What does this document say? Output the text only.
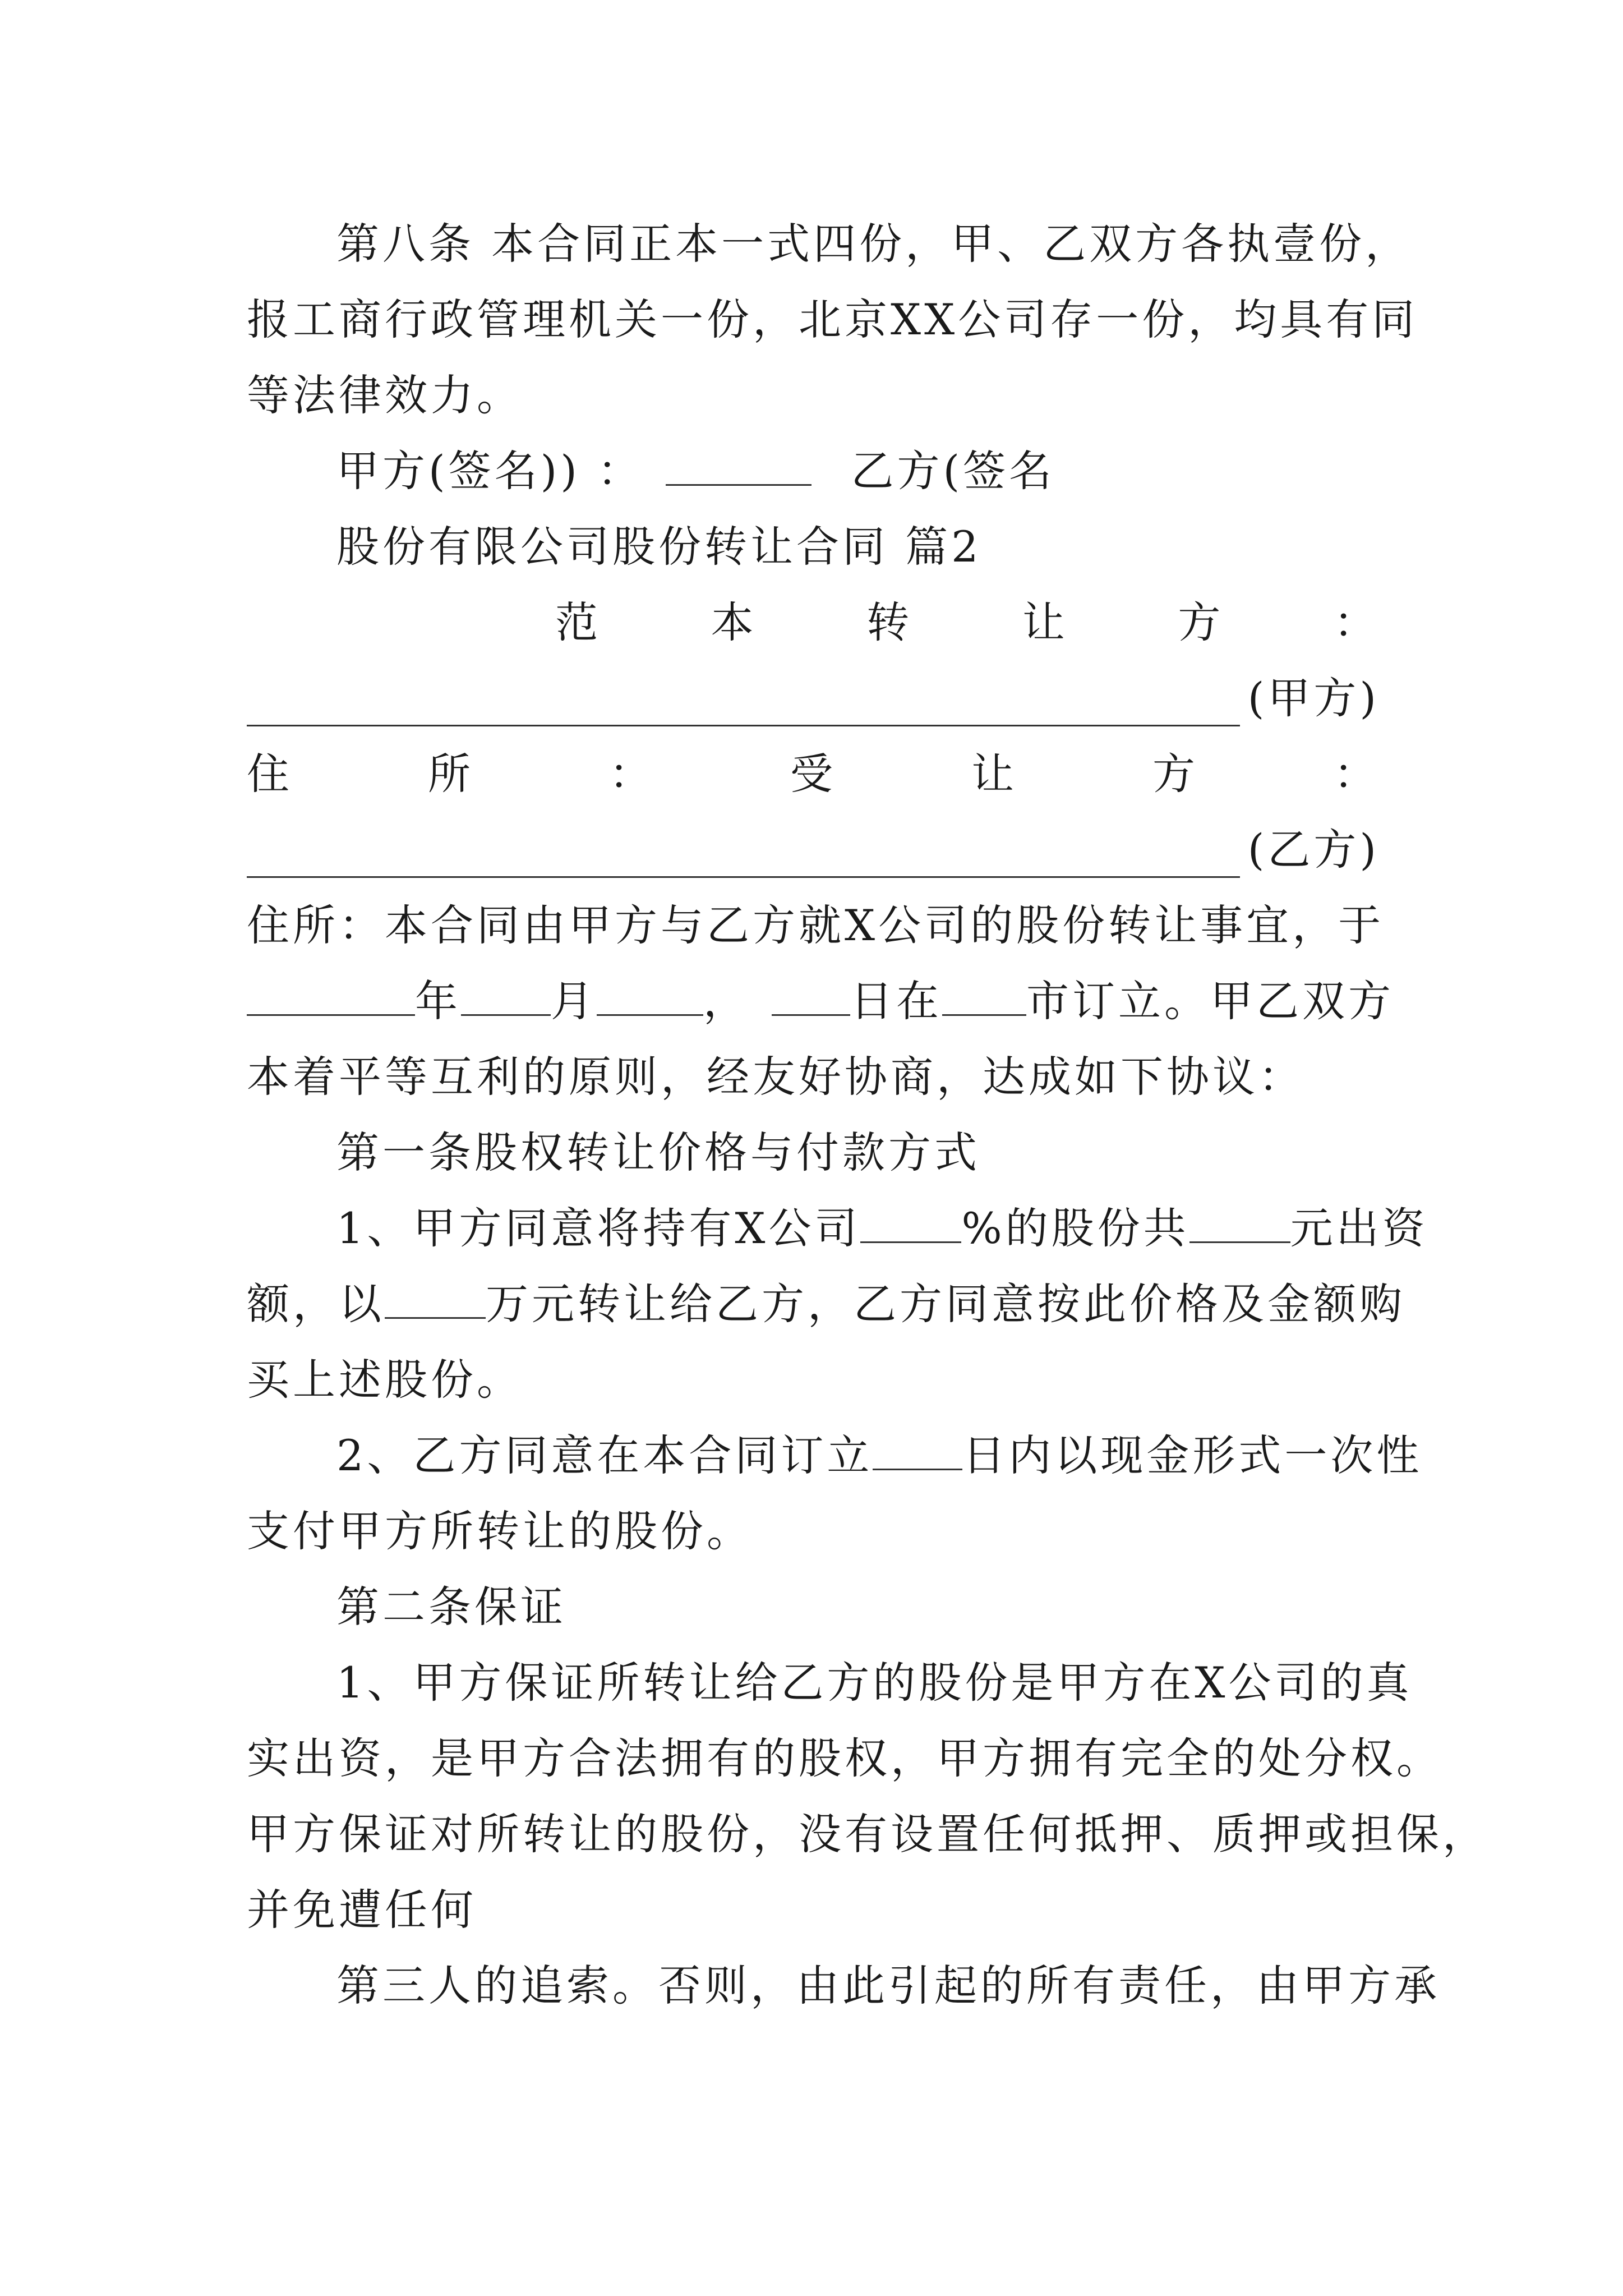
第八条 本合同正本一式四份，甲、乙双方各执壹份，
报工商行政管理机关一份，北京XX公司存一份，均具有同
等法律效力。
甲方(签名)) ：	乙方(签名
股份有限公司股份转让合同 篇2
范	本	转	让	方	：
(甲方)
住	所	：	受	让	方	：
(乙方)
住所：本合同由甲方与乙方就X公司的股份转让事宜，于
年 月	， 日在 市订立。甲乙双方
本着平等互利的原则，经友好协商，达成如下协议：
第一条股权转让价格与付款方式
1、甲方同意将持有X公司 %的股份共 元出资
额，以 万元转让给乙方，乙方同意按此价格及金额购
买上述股份。
2、乙方同意在本合同订立 日内以现金形式一次性
支付甲方所转让的股份。
第二条保证
1、甲方保证所转让给乙方的股份是甲方在X公司的真
实出资，是甲方合法拥有的股权，甲方拥有完全的处分权。
甲方保证对所转让的股份，没有设置任何抵押、质押或担保，
并免遭任何
第三人的追索。否则，由此引起的所有责任，由甲方承
